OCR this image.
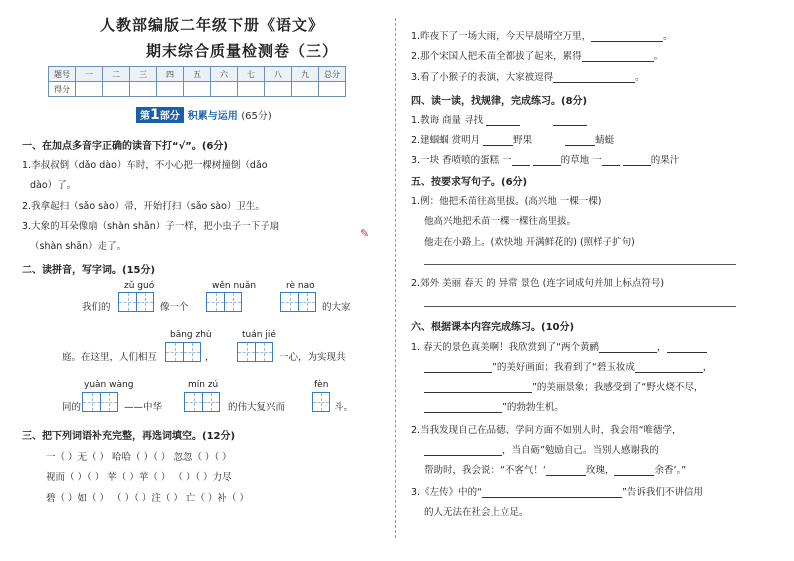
人教部编版二年级下册《语文》
期末综合质量检测卷（三）
题号	一	二	三	四	五	六	七	八	九	总分
得分										
第1部分 积累与运用 (65分)
一、在加点多音字正确的读音下打“√”。(6分)
1.李叔叔倒（dǎo dào）车时，不小心把一棵树撞倒（dǎo
dào）了。
2.我拿起扫（sǎo sào）帚，开始打扫（sǎo sào）卫生。
3.大象的耳朵像扇（shàn shān）子一样，把小虫子一下子扇
（shàn shān）走了。
✎
二、读拼音，写字词。(15分)
zǔ guó	wěn nuǎn	rè nao
我们的	像一个	的大家
bāng zhù	tuán jié
庭。在这里，人们相互	，	一心，为实现共
yuàn wàng	mín zú	fèn
同的	——中华	的伟大复兴而	斗。
三、把下列词语补充完整，再选词填空。(12分)
一（ ）无（ ） 哈哈（ ）（ ） 忽忽（ ）（ ）
视而（ ）（ ） 苹（ ）苹（ ） （ ）（ ）力尽
碧（ ）如（ ） （ ）（ ）注（ ） 亡（ ）补（ ）
1.昨夜下了一场大雨，今天早晨晴空万里，	。
2.那个宋国人把禾苗全都拔了起来，累得	。
3.看了小猴子的表演，大家被逗得	。
四、读一读，找规律，完成练习。(8分)
1.教诲 商量 寻找
2.建蝈蝈 赏明月	野果	蜻蜓
3.一块 香喷喷的蛋糕 一	的草地 一	的果汁
五、按要求写句子。(6分)
1.例：他把禾苗往高里拔。(高兴地 一棵一棵)
他高兴地把禾苗一棵一棵往高里拔。
他走在小路上。(欢快地 开满鲜花的) (照样子扩句)
2.郊外 美丽 春天 的 异常 景色 (连字词成句并加上标点符号)
六、根据课本内容完成练习。(10分)
1. 春天的景色真美啊！我欣赏到了“两个黄鹂	，
”的美好画面；我看到了“碧玉妆成	，
”的美丽景象；我感受到了“野火烧不尽，
”的勃勃生机。
2.当我发现自己在品德、学问方面不如别人时，我会用“唯德学，
，当自砺”勉励自己。当别人感谢我的
帮助时，我会说：“不客气！‘	玫瑰，	余香’。”
3.《左传》中的“	”告诉我们不讲信用
的人无法在社会上立足。
